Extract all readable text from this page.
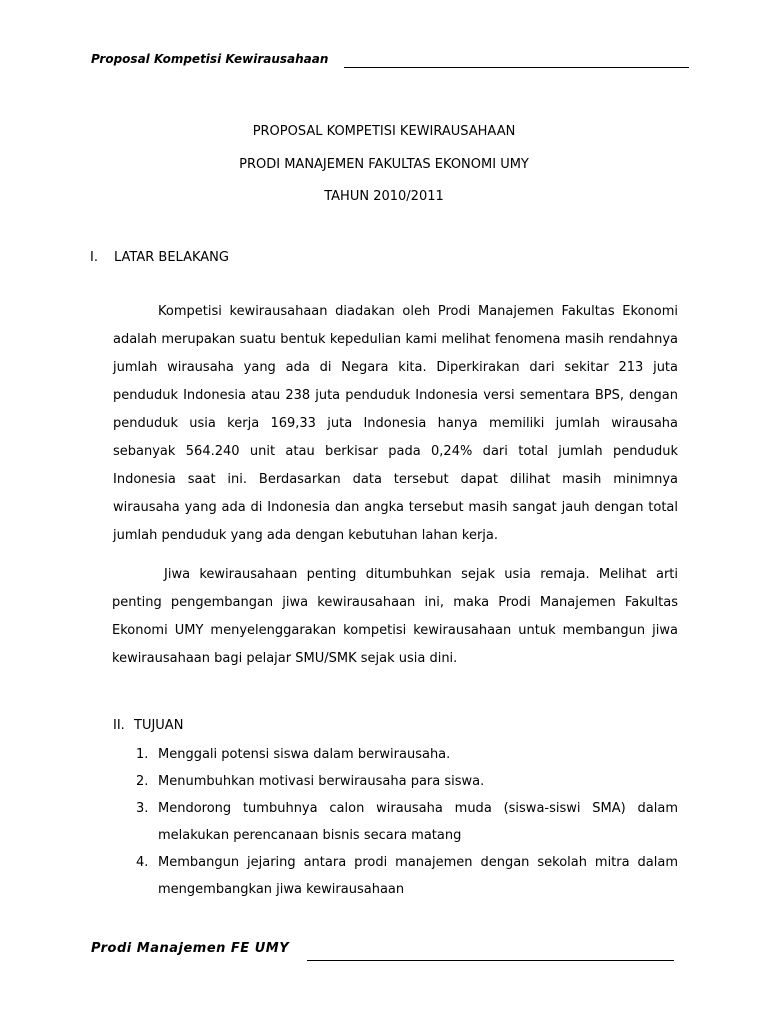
Proposal Kompetisi Kewirausahaan
PROPOSAL KOMPETISI KEWIRAUSAHAAN
PRODI MANAJEMEN FAKULTAS EKONOMI UMY
TAHUN 2010/2011
I. LATAR BELAKANG

Kompetisi kewirausahaan diadakan oleh Prodi Manajemen Fakultas Ekonomi adalah merupakan suatu bentuk kepedulian kami melihat fenomena masih rendahnya jumlah wirausaha yang ada di Negara kita. Diperkirakan dari sekitar 213 juta penduduk Indonesia atau 238 juta penduduk Indonesia versi sementara BPS, dengan penduduk usia kerja 169,33 juta Indonesia hanya memiliki jumlah wirausaha sebanyak 564.240 unit atau berkisar pada 0,24% dari total jumlah penduduk Indonesia saat ini. Berdasarkan data tersebut dapat dilihat masih minimnya wirausaha yang ada di Indonesia dan angka tersebut masih sangat jauh dengan total jumlah penduduk yang ada dengan kebutuhan lahan kerja.

Jiwa kewirausahaan penting ditumbuhkan sejak usia remaja. Melihat arti penting pengembangan jiwa kewirausahaan ini, maka Prodi Manajemen Fakultas Ekonomi UMY menyelenggarakan kompetisi kewirausahaan untuk membangun jiwa kewirausahaan bagi pelajar SMU/SMK sejak usia dini.

II. TUJUAN
1. Menggali potensi siswa dalam berwirausaha.
2. Menumbuhkan motivasi berwirausaha para siswa.
3. Mendorong tumbuhnya calon wirausaha muda (siswa-siswi SMA) dalam melakukan perencanaan bisnis secara matang
4. Membangun jejaring antara prodi manajemen dengan sekolah mitra dalam mengembangkan jiwa kewirausahaan
Prodi Manajemen FE UMY
